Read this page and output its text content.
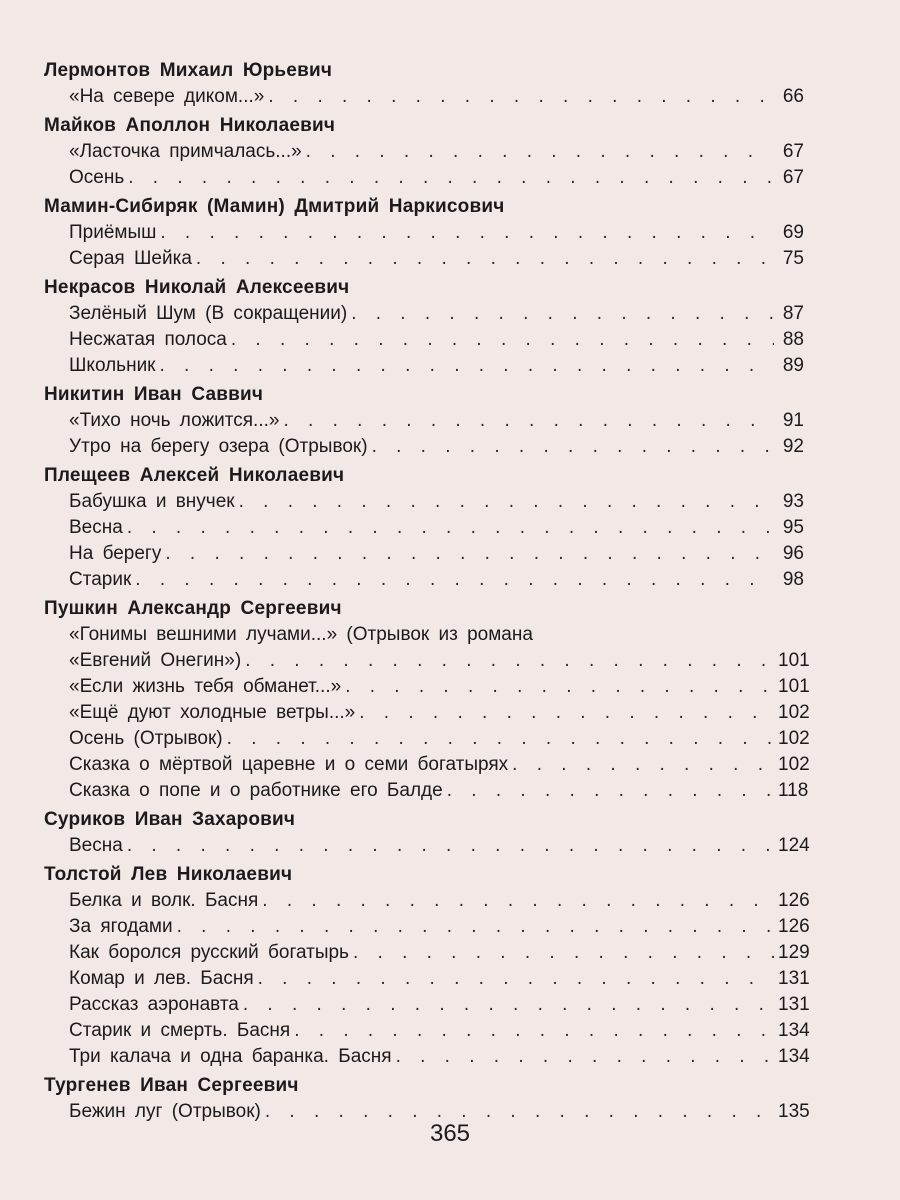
Лермонтов Михаил Юрьевич
«На севере диком...» . . .	66
Майков Аполлон Николаевич
«Ласточка примчалась...» . . .	67
Осень . . .	67
Мамин-Сибиряк (Мамин) Дмитрий Наркисович
Приёмыш . . .	69
Серая Шейка . . .	75
Некрасов Николай Алексеевич
Зелёный Шум (В сокращении) . . .	87
Несжатая полоса . . .	88
Школьник . . .	89
Никитин Иван Саввич
«Тихо ночь ложится...» . . .	91
Утро на берегу озера (Отрывок) . . .	92
Плещеев Алексей Николаевич
Бабушка и внучек . . .	93
Весна . . .	95
На берегу . . .	96
Старик . . .	98
Пушкин Александр Сергеевич
«Гонимы вешними лучами...» (Отрывок из романа
«Евгений Онегин») . . .	101
«Если жизнь тебя обманет...» . . .	101
«Ещё дуют холодные ветры...» . . .	102
Осень (Отрывок) . . .	102
Сказка о мёртвой царевне и о семи богатырях . . .	102
Сказка о попе и о работнике его Балде . . .	118
Суриков Иван Захарович
Весна . . .	124
Толстой Лев Николаевич
Белка и волк. Басня . . .	126
За ягодами . . .	126
Как боролся русский богатырь . . .	129
Комар и лев. Басня . . .	131
Рассказ аэронавта . . .	131
Старик и смерть. Басня . . .	134
Три калача и одна баранка. Басня . . .	134
Тургенев Иван Сергеевич
Бежин луг (Отрывок) . . .	135
365
